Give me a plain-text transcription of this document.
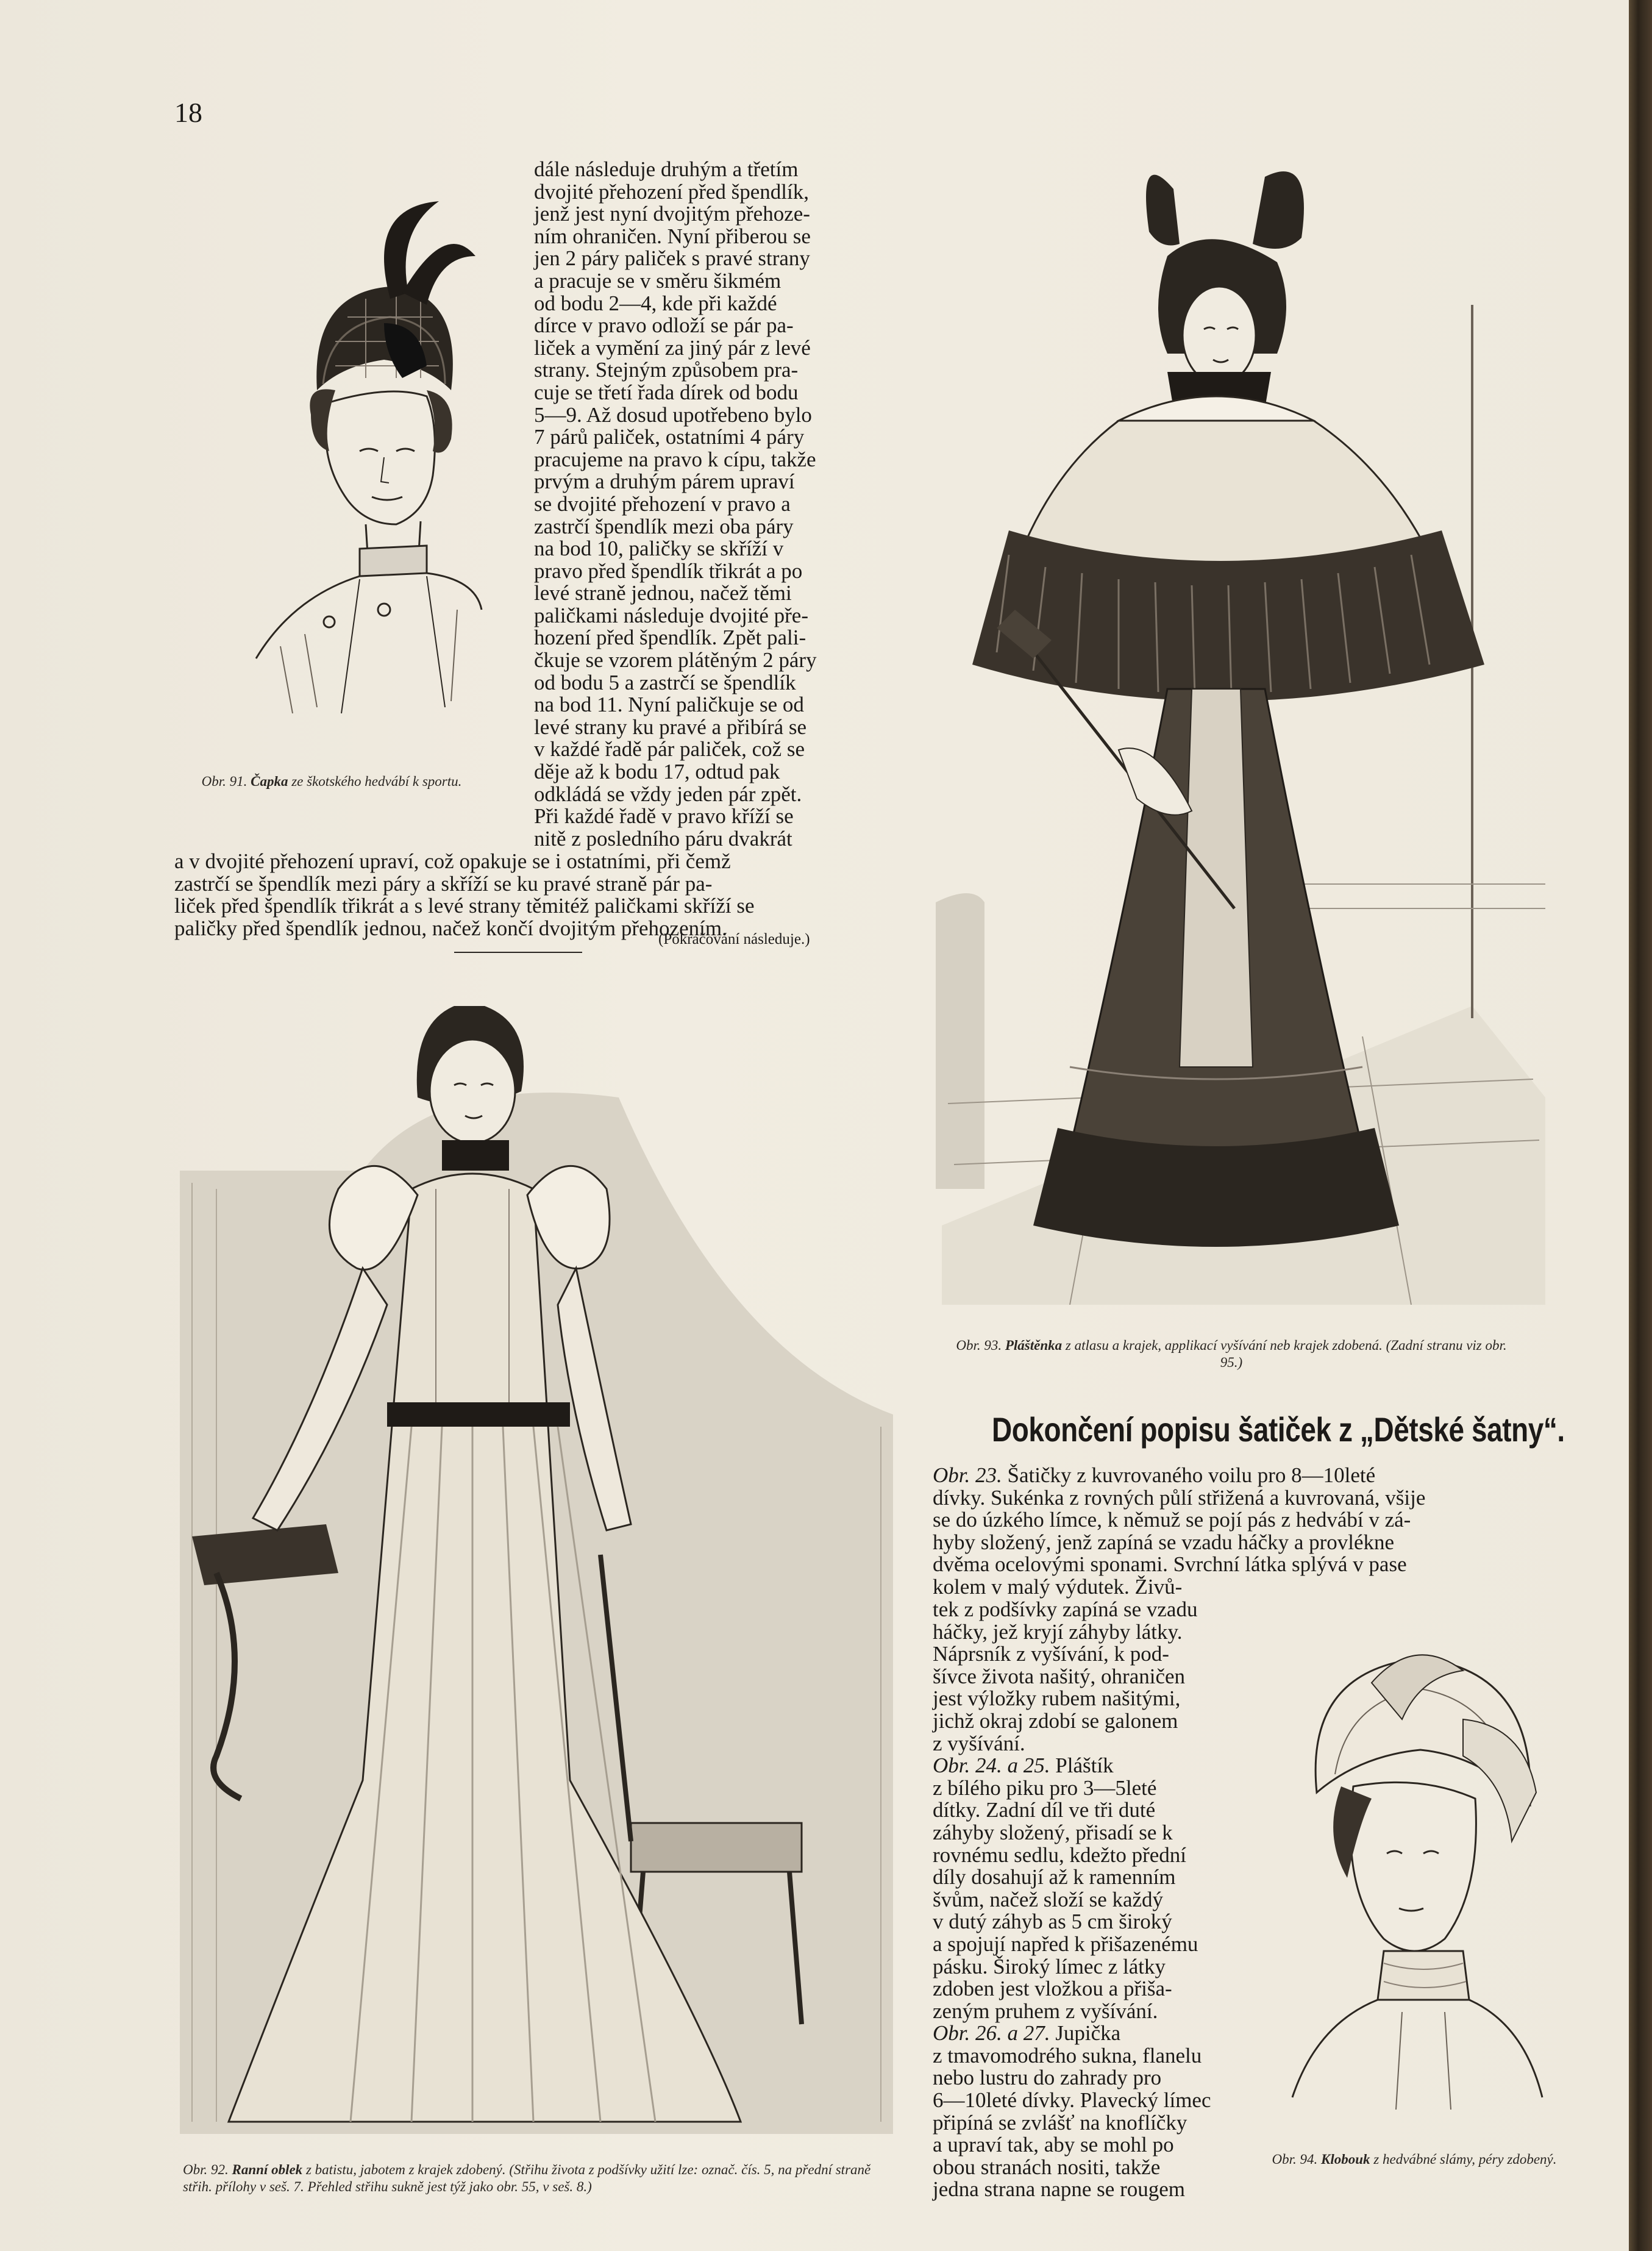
18
Obr. 91. Čapka ze škotského hedvábí k sportu.

dále následuje druhým a třetím

dvojité přehození před špendlík,

jenž jest nyní dvojitým přehoze-

ním ohraničen. Nyní přiberou se

jen 2 páry paliček s pravé strany

a pracuje se v směru šikmém

od bodu 2—4, kde při každé

dírce v pravo odloží se pár pa-

liček a vymění za jiný pár z levé

strany. Stejným způsobem pra-

cuje se třetí řada dírek od bodu

5—9. Až dosud upotřebeno bylo

7 párů paliček, ostatními 4 páry

pracujeme na pravo k cípu, takže

prvým a druhým párem upraví

se dvojité přehození v pravo a

zastrčí špendlík mezi oba páry

na bod 10, paličky se skříží v

pravo před špendlík třikrát a po

levé straně jednou, načež těmi

paličkami následuje dvojité pře-

hození před špendlík. Zpět pali-

čkuje se vzorem plátěným 2 páry

od bodu 5 a zastrčí se špendlík

na bod 11. Nyní paličkuje se od

levé strany ku pravé a přibírá se

v každé řadě pár paliček, což se

děje až k bodu 17, odtud pak

odkládá se vždy jeden pár zpět.

Při každé řadě v pravo kříží se

nitě z posledního páru dvakrát

a v dvojité přehození upraví, což opakuje se i ostatními, při čemž

zastrčí se špendlík mezi páry a skříží se ku pravé straně pár pa-

liček před špendlík třikrát a s levé strany těmitéž paličkami skříží se

paličky před špendlík jednou, načež končí dvojitým přehozením.

(Pokračování následuje.)
Obr. 93. Pláštěnka z atlasu a krajek, applikací vyšívání neb krajek zdobená. (Zadní stranu viz obr. 95.)
Obr. 92. Ranní oblek z batistu, jabotem z krajek zdobený. (Střihu života z podšívky užití lze: označ. čís. 5, na přední straně střih. přílohy v seš. 7. Přehled střihu sukně jest týž jako obr. 55, v seš. 8.)
Dokončení popisu šatiček z „Dětské šatny“.

Obr. 23. Šatičky z kuvrovaného voilu pro 8—10leté

dívky. Sukénka z rovných půlí střižená a kuvrovaná, všije

se do úzkého límce, k němuž se pojí pás z hedvábí v zá-

hyby složený, jenž zapíná se vzadu háčky a provlékne

dvěma ocelovými sponami. Svrchní látka splývá v pase

kolem v malý výdutek. Živů-

tek z podšívky zapíná se vzadu

háčky, jež kryjí záhyby látky.

Náprsník z vyšívání, k pod-

šívce života našitý, ohraničen

jest výložky rubem našitými,

jichž okraj zdobí se galonem

z vyšívání.

Obr. 24. a 25. Pláštík

z bílého piku pro 3—5leté

dítky. Zadní díl ve tři duté

záhyby složený, přisadí se k

rovnému sedlu, kdežto přední

díly dosahují až k ramenním

švům, načež složí se každý

v dutý záhyb as 5 cm široký

a spojují napřed k přišazenému

pásku. Široký límec z látky

zdoben jest vložkou a přiša-

zeným pruhem z vyšívání.

Obr. 26. a 27. Jupička

z tmavomodrého sukna, flanelu

nebo lustru do zahrady pro

6—10leté dívky. Plavecký límec

připíná se zvlášť na knoflíčky

a upraví tak, aby se mohl po

obou stranách nositi, takže

jedna strana napne se rougem

Obr. 94. Klobouk z hedvábné slámy, péry zdobený.
